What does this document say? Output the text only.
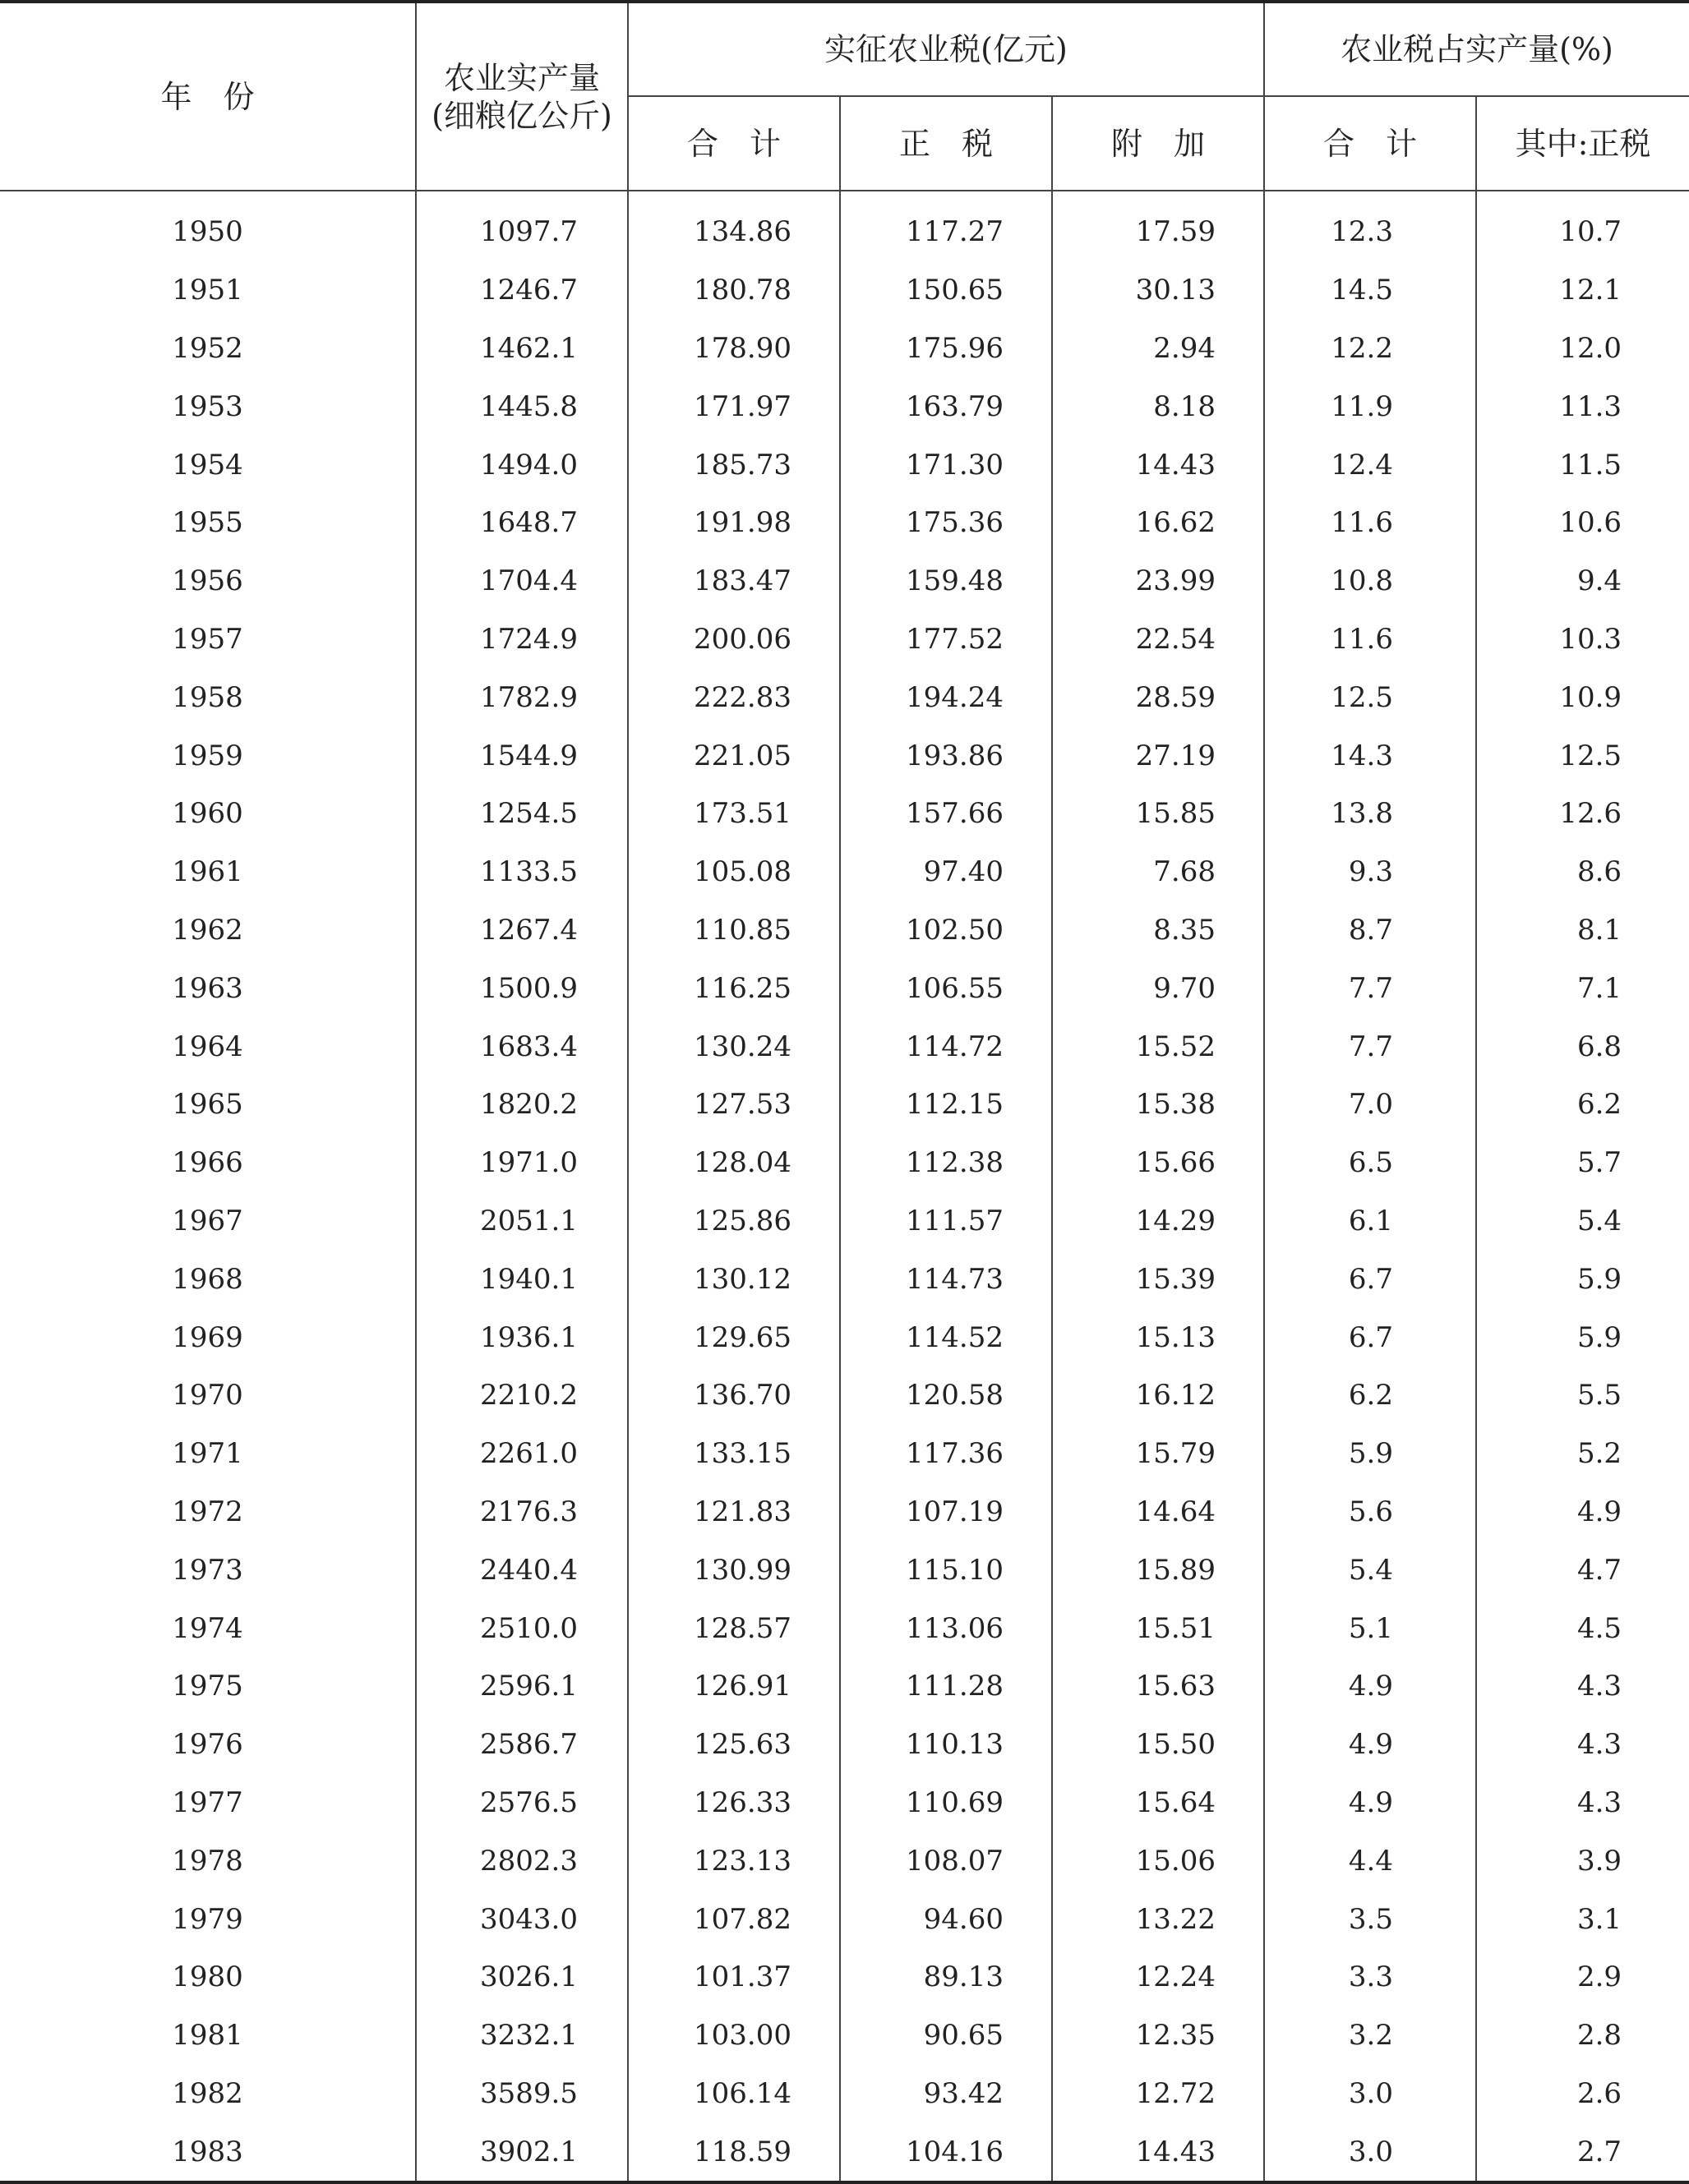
年　份	农业实产量(细粮亿公斤)	实征农业税(亿元)			农业税占实产量(%)	
		合　计	正　税	附　加	合　计	其中:正税
1950	1097.7	134.86	117.27	17.59	12.3	10.7
1951	1246.7	180.78	150.65	30.13	14.5	12.1
1952	1462.1	178.90	175.96	2.94	12.2	12.0
1953	1445.8	171.97	163.79	8.18	11.9	11.3
1954	1494.0	185.73	171.30	14.43	12.4	11.5
1955	1648.7	191.98	175.36	16.62	11.6	10.6
1956	1704.4	183.47	159.48	23.99	10.8	9.4
1957	1724.9	200.06	177.52	22.54	11.6	10.3
1958	1782.9	222.83	194.24	28.59	12.5	10.9
1959	1544.9	221.05	193.86	27.19	14.3	12.5
1960	1254.5	173.51	157.66	15.85	13.8	12.6
1961	1133.5	105.08	97.40	7.68	9.3	8.6
1962	1267.4	110.85	102.50	8.35	8.7	8.1
1963	1500.9	116.25	106.55	9.70	7.7	7.1
1964	1683.4	130.24	114.72	15.52	7.7	6.8
1965	1820.2	127.53	112.15	15.38	7.0	6.2
1966	1971.0	128.04	112.38	15.66	6.5	5.7
1967	2051.1	125.86	111.57	14.29	6.1	5.4
1968	1940.1	130.12	114.73	15.39	6.7	5.9
1969	1936.1	129.65	114.52	15.13	6.7	5.9
1970	2210.2	136.70	120.58	16.12	6.2	5.5
1971	2261.0	133.15	117.36	15.79	5.9	5.2
1972	2176.3	121.83	107.19	14.64	5.6	4.9
1973	2440.4	130.99	115.10	15.89	5.4	4.7
1974	2510.0	128.57	113.06	15.51	5.1	4.5
1975	2596.1	126.91	111.28	15.63	4.9	4.3
1976	2586.7	125.63	110.13	15.50	4.9	4.3
1977	2576.5	126.33	110.69	15.64	4.9	4.3
1978	2802.3	123.13	108.07	15.06	4.4	3.9
1979	3043.0	107.82	94.60	13.22	3.5	3.1
1980	3026.1	101.37	89.13	12.24	3.3	2.9
1981	3232.1	103.00	90.65	12.35	3.2	2.8
1982	3589.5	106.14	93.42	12.72	3.0	2.6
1983	3902.1	118.59	104.16	14.43	3.0	2.7
